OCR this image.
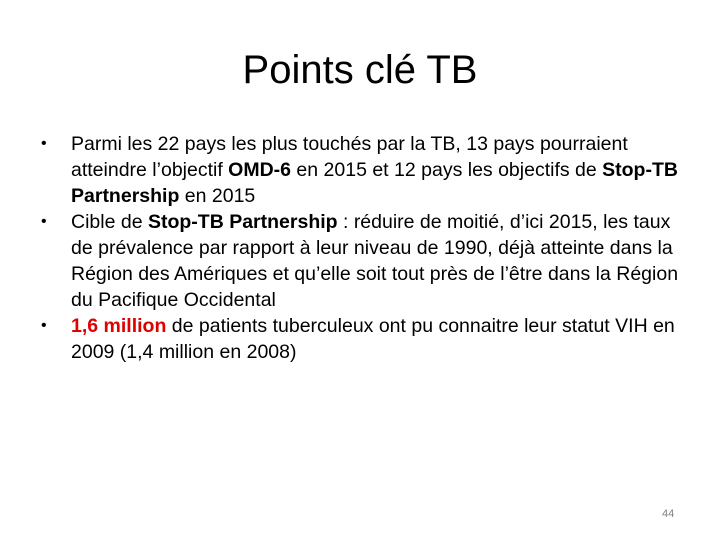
Points clé TB
• Parmi les 22 pays les plus touchés par la TB, 13 pays pourraient atteindre l’objectif OMD-6 en 2015 et 12 pays les objectifs de Stop-TB Partnership en 2015
• Cible de Stop-TB Partnership : réduire de moitié, d’ici 2015, les taux de prévalence par rapport à leur niveau de 1990, déjà atteinte dans la Région des Amériques et qu’elle soit tout près de l’être dans la Région du Pacifique Occidental
• 1,6 million de patients tuberculeux ont pu connaitre leur statut VIH en 2009 (1,4 million en 2008)
44
